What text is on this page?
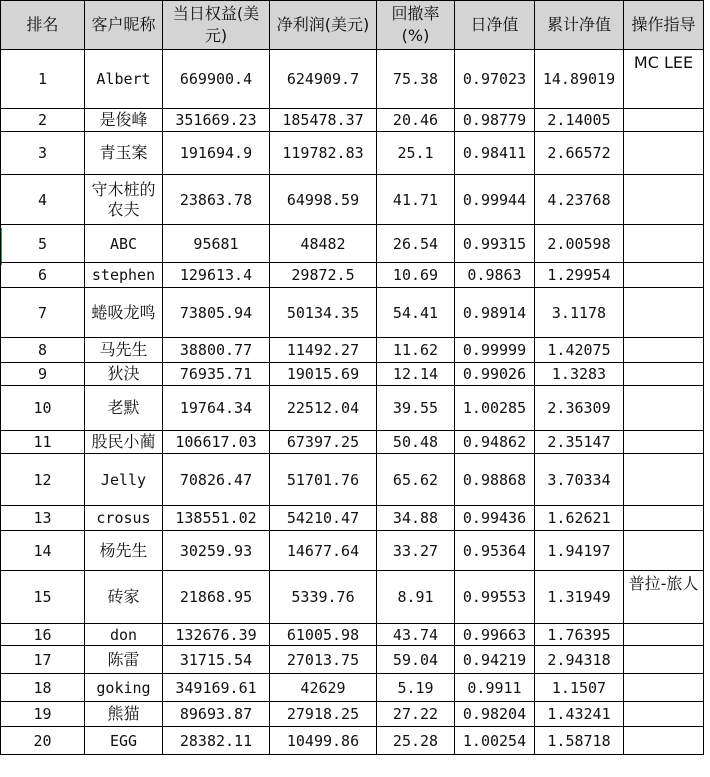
排名	客户昵称	当日权益(美元)	净利润(美元)	回撤率(%)	日净值	累计净值	操作指导
1	Albert	669900.4	624909.7	75.38	0.97023	14.89019	MC LEE
2	是俊峰	351669.23	185478.37	20.46	0.98779	2.14005	
3	青玉案	191694.9	119782.83	25.1	0.98411	2.66572	
4	守木桩的农夫	23863.78	64998.59	41.71	0.99944	4.23768	
5	ABC	95681	48482	26.54	0.99315	2.00598	
6	stephen	129613.4	29872.5	10.69	0.9863	1.29954	
7	蜷吸龙鸣	73805.94	50134.35	54.41	0.98914	3.1178	
8	马先生	38800.77	11492.27	11.62	0.99999	1.42075	
9	狄決	76935.71	19015.69	12.14	0.99026	1.3283	
10	老默	19764.34	22512.04	39.55	1.00285	2.36309	
11	股民小蔺	106617.03	67397.25	50.48	0.94862	2.35147	
12	Jelly	70826.47	51701.76	65.62	0.98868	3.70334	
13	crosus	138551.02	54210.47	34.88	0.99436	1.62621	
14	杨先生	30259.93	14677.64	33.27	0.95364	1.94197	
15	砖家	21868.95	5339.76	8.91	0.99553	1.31949	普拉-旅人
16	don	132676.39	61005.98	43.74	0.99663	1.76395	
17	陈雷	31715.54	27013.75	59.04	0.94219	2.94318	
18	goking	349169.61	42629	5.19	0.9911	1.1507	
19	熊猫	89693.87	27918.25	27.22	0.98204	1.43241	
20	EGG	28382.11	10499.86	25.28	1.00254	1.58718	
